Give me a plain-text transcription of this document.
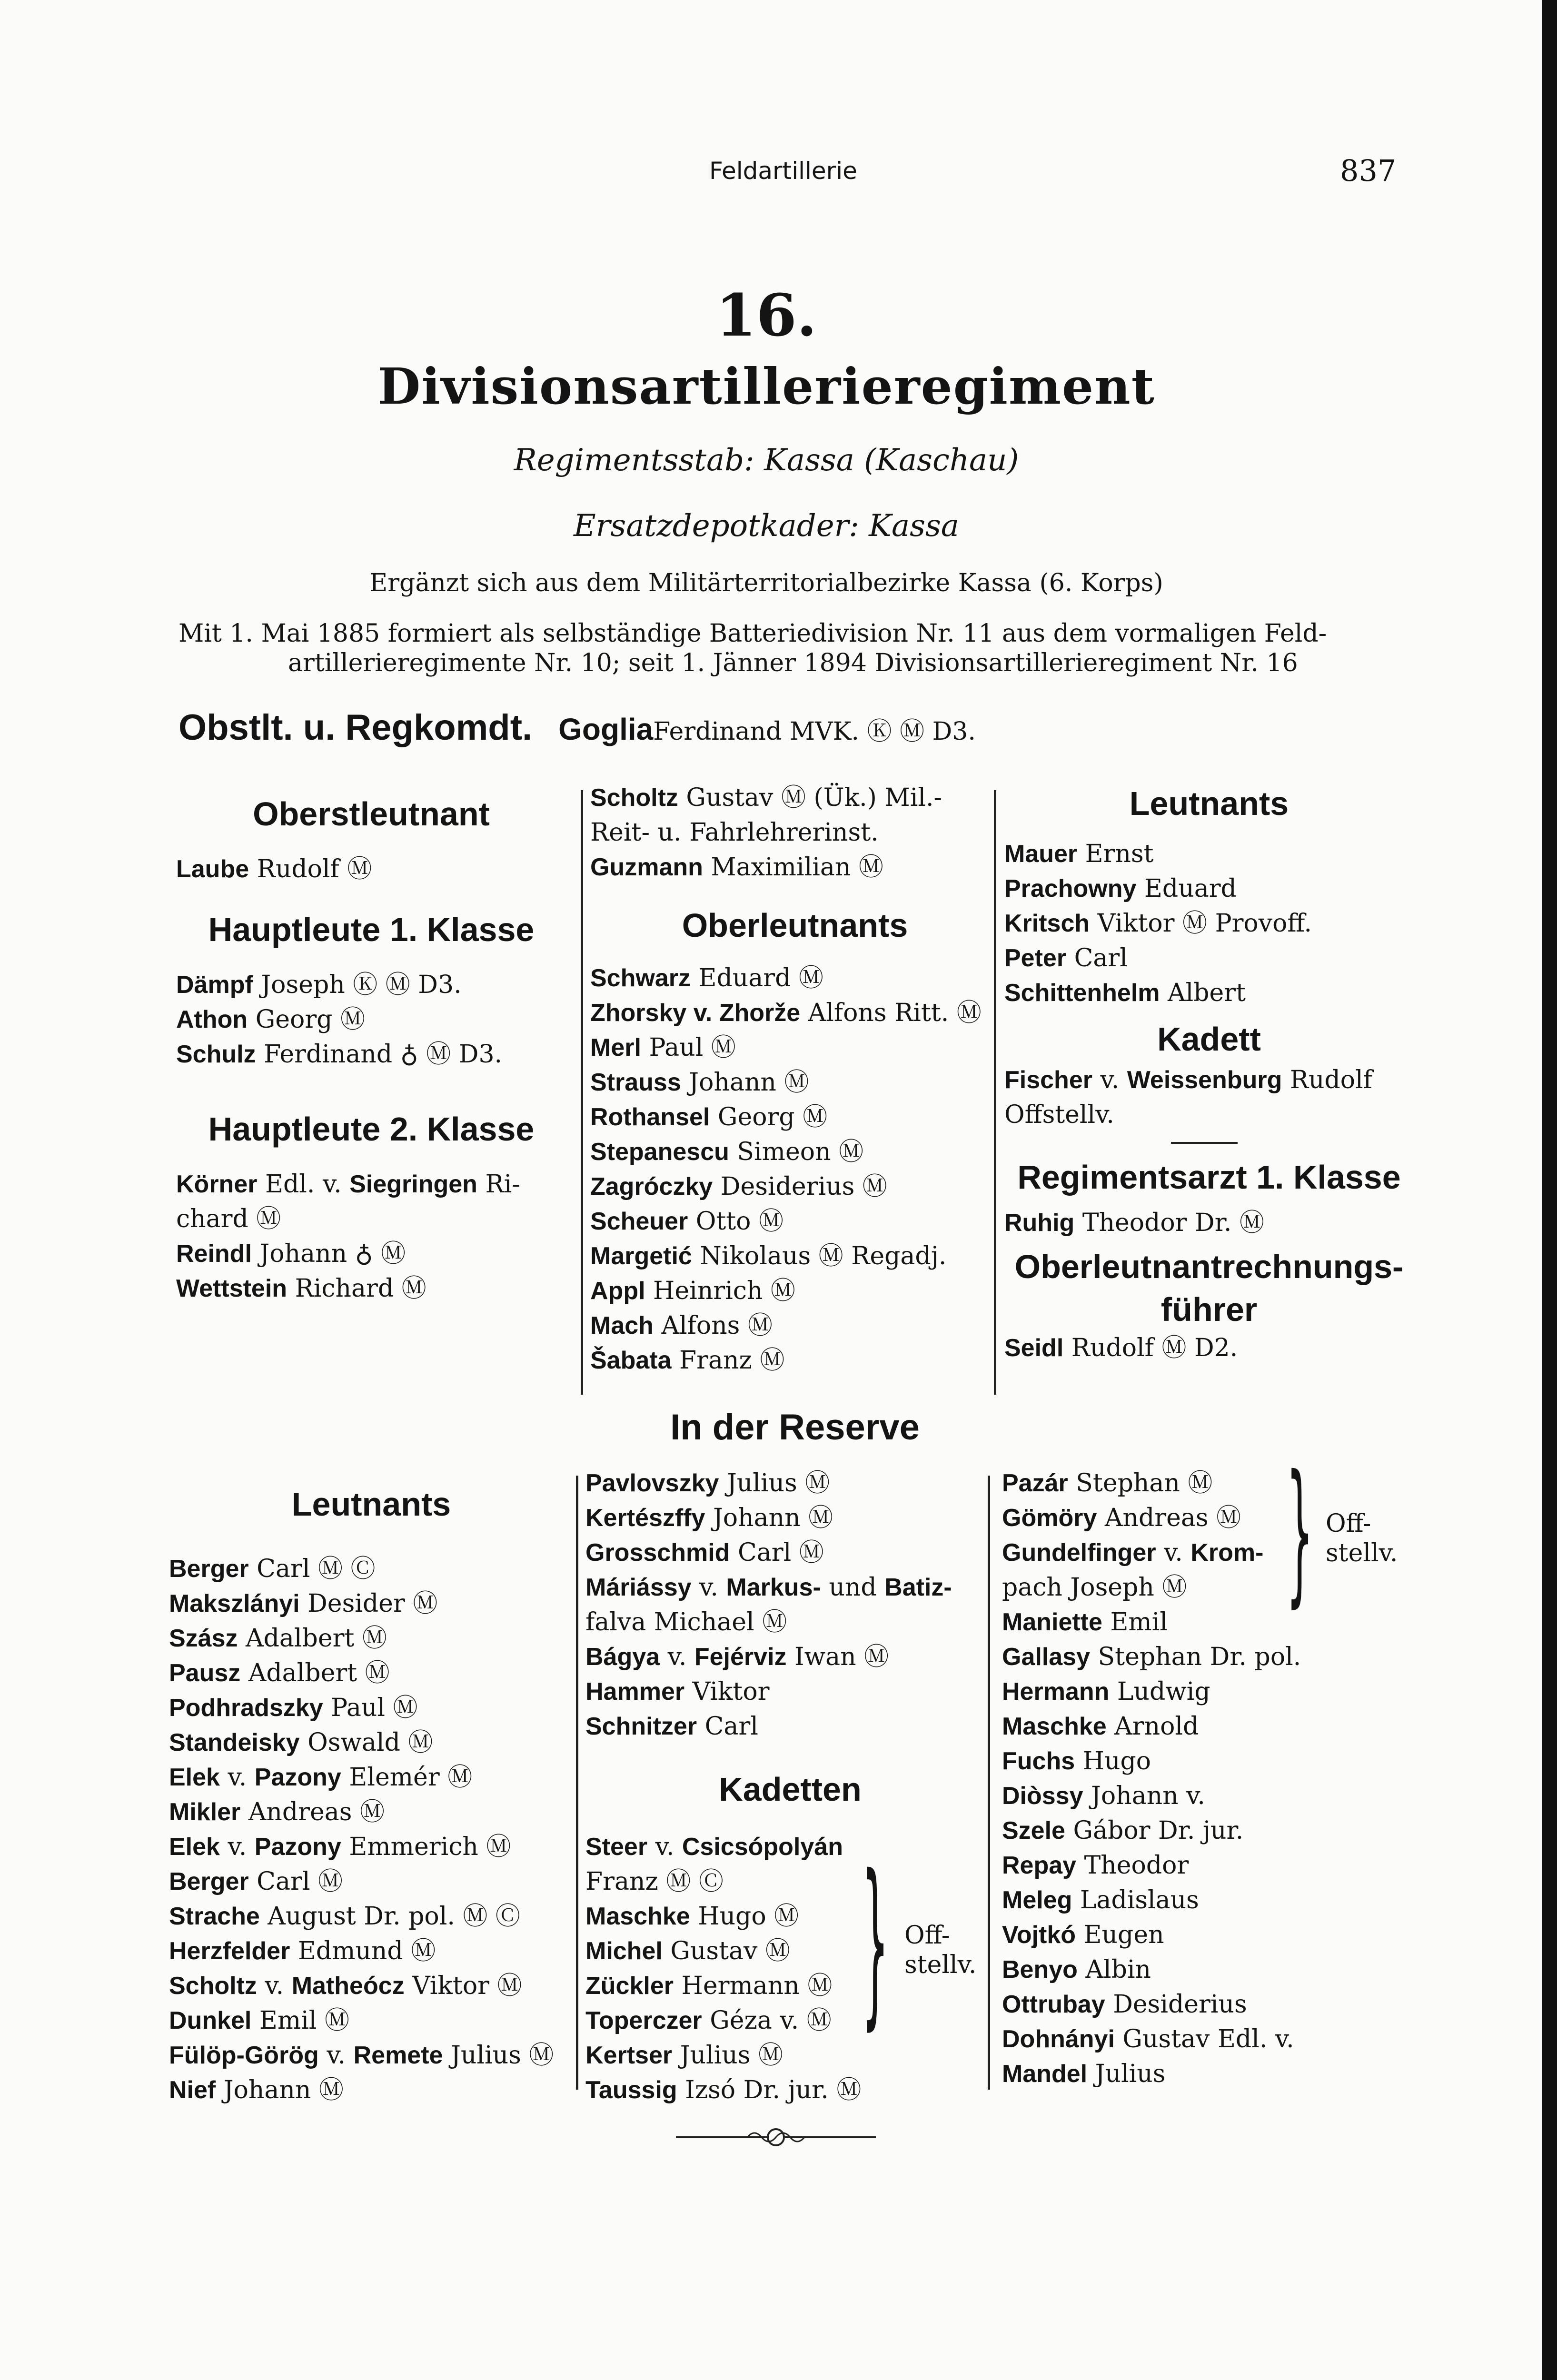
Feldartillerie	837
16.
Divisionsartillerieregiment
Regimentsstab: Kassa (Kaschau)
Ersatzdepotkader: Kassa
Ergänzt sich aus dem Militärterritorialbezirke Kassa (6. Korps)
Mit 1. Mai 1885 formiert als selbständige Batteriedivision Nr. 11 aus dem vormaligen Feld-
artillerieregimente Nr. 10; seit 1. Jänner 1894 Divisionsartillerieregiment Nr. 16
Obstlt. u. Regkomdt. GogliaFerdinand MVK. Ⓚ Ⓜ D3.
Oberstleutnant
Laube Rudolf Ⓜ
Hauptleute 1. Klasse
Dämpf Joseph Ⓚ Ⓜ D3.
Athon Georg Ⓜ
Schulz Ferdinand ♁ Ⓜ D3.
Hauptleute 2. Klasse
Körner Edl. v. Siegringen Ri-
chard Ⓜ
Reindl Johann ♁ Ⓜ
Wettstein Richard Ⓜ
Scholtz Gustav Ⓜ (Ük.) Mil.-
Reit- u. Fahrlehrerinst.
Guzmann Maximilian Ⓜ
Oberleutnants
Schwarz Eduard Ⓜ
Zhorsky v. Zhorže Alfons Ritt. Ⓜ
Merl Paul Ⓜ
Strauss Johann Ⓜ
Rothansel Georg Ⓜ
Stepanescu Simeon Ⓜ
Zagróczky Desiderius Ⓜ
Scheuer Otto Ⓜ
Margetić Nikolaus Ⓜ Regadj.
Appl Heinrich Ⓜ
Mach Alfons Ⓜ
Šabata Franz Ⓜ
Leutnants
Mauer Ernst
Prachowny Eduard
Kritsch Viktor Ⓜ Provoff.
Peter Carl
Schittenhelm Albert
Kadett
Fischer v. Weissenburg Rudolf
Offstellv.
Regimentsarzt 1. Klasse
Ruhig Theodor Dr. Ⓜ
Oberleutnantrechnungs-
führer
Seidl Rudolf Ⓜ D2.
In der Reserve
Leutnants
Berger Carl Ⓜ Ⓒ
Makszlányi Desider Ⓜ
Szász Adalbert Ⓜ
Pausz Adalbert Ⓜ
Podhradszky Paul Ⓜ
Standeisky Oswald Ⓜ
Elek v. Pazony Elemér Ⓜ
Mikler Andreas Ⓜ
Elek v. Pazony Emmerich Ⓜ
Berger Carl Ⓜ
Strache August Dr. pol. Ⓜ Ⓒ
Herzfelder Edmund Ⓜ
Scholtz v. Matheócz Viktor Ⓜ
Dunkel Emil Ⓜ
Fülöp-Görög v. Remete Julius Ⓜ
Nief Johann Ⓜ
Pavlovszky Julius Ⓜ
Kertészffy Johann Ⓜ
Grosschmid Carl Ⓜ
Máriássy v. Markus- und Batiz-
falva Michael Ⓜ
Bágya v. Fejérviz Iwan Ⓜ
Hammer Viktor
Schnitzer Carl
Kadetten
Steer v. Csicsópolyán
Franz Ⓜ Ⓒ
Maschke Hugo Ⓜ
Michel Gustav Ⓜ
Zückler Hermann Ⓜ
Toperczer Géza v. Ⓜ
Kertser Julius Ⓜ
Taussig Izsó Dr. jur. Ⓜ
} Off-
stellv.
Pazár Stephan Ⓜ
Gömöry Andreas Ⓜ
Gundelfinger v. Krom-
pach Joseph Ⓜ
Maniette Emil
Gallasy Stephan Dr. pol.
Hermann Ludwig
Maschke Arnold
Fuchs Hugo
Diòssy Johann v.
Szele Gábor Dr. jur.
Repay Theodor
Meleg Ladislaus
Vojtkó Eugen
Benyo Albin
Ottrubay Desiderius
Dohnányi Gustav Edl. v.
Mandel Julius
} Off-
stellv.
